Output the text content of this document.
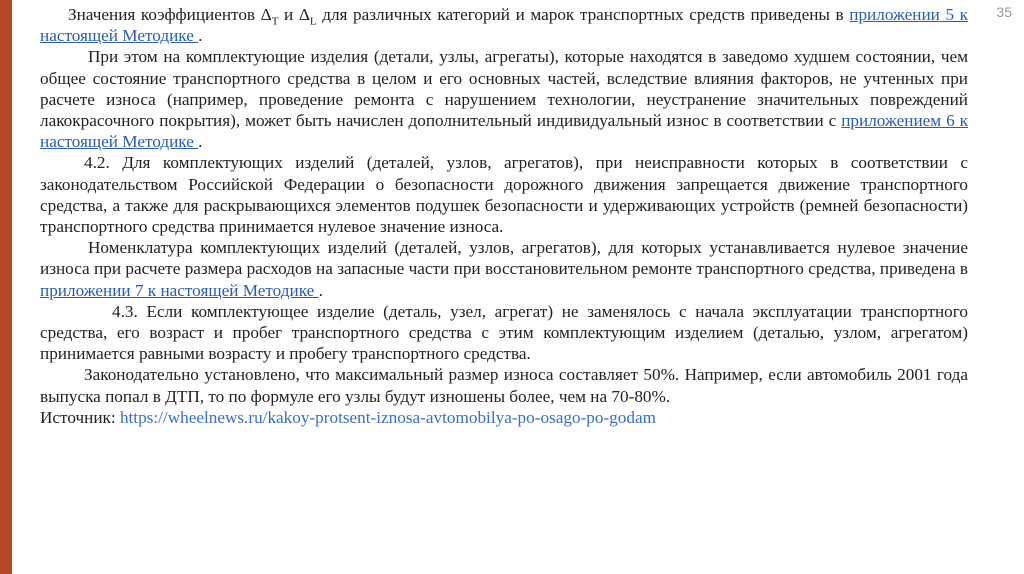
35

Значения коэффициентов $\Delta_T$ и $\Delta_L$ для различных категорий и марок транспортных средств приведены в приложении 5 к настоящей Методике .

При этом на комплектующие изделия (детали, узлы, агрегаты), которые находятся в заведомо худшем состоянии, чем общее состояние транспортного средства в целом и его основных частей, вследствие влияния факторов, не учтенных при расчете износа (например, проведение ремонта с нарушением технологии, неустранение значительных повреждений лакокрасочного покрытия), может быть начислен дополнительный индивидуальный износ в соответствии с приложением 6 к настоящей Методике .

4.2. Для комплектующих изделий (деталей, узлов, агрегатов), при неисправности которых в соответствии с законодательством Российской Федерации о безопасности дорожного движения запрещается движение транспортного средства, а также для раскрывающихся элементов подушек безопасности и удерживающих устройств (ремней безопасности) транспортного средства принимается нулевое значение износа.

Номенклатура комплектующих изделий (деталей, узлов, агрегатов), для которых устанавливается нулевое значение износа при расчете размера расходов на запасные части при восстановительном ремонте транспортного средства, приведена в приложении 7 к настоящей Методике .

4.3. Если комплектующее изделие (деталь, узел, агрегат) не заменялось с начала эксплуатации транспортного средства, его возраст и пробег транспортного средства с этим комплектующим изделием (деталью, узлом, агрегатом) принимается равными возрасту и пробегу транспортного средства.

Законодательно установлено, что максимальный размер износа составляет 50%. Например, если автомобиль 2001 года выпуска попал в ДТП, то по формуле его узлы будут изношены более, чем на 70-80%.

Источник: https://wheelnews.ru/kakoy-protsent-iznosa-avtomobilya-po-osago-po-godam
